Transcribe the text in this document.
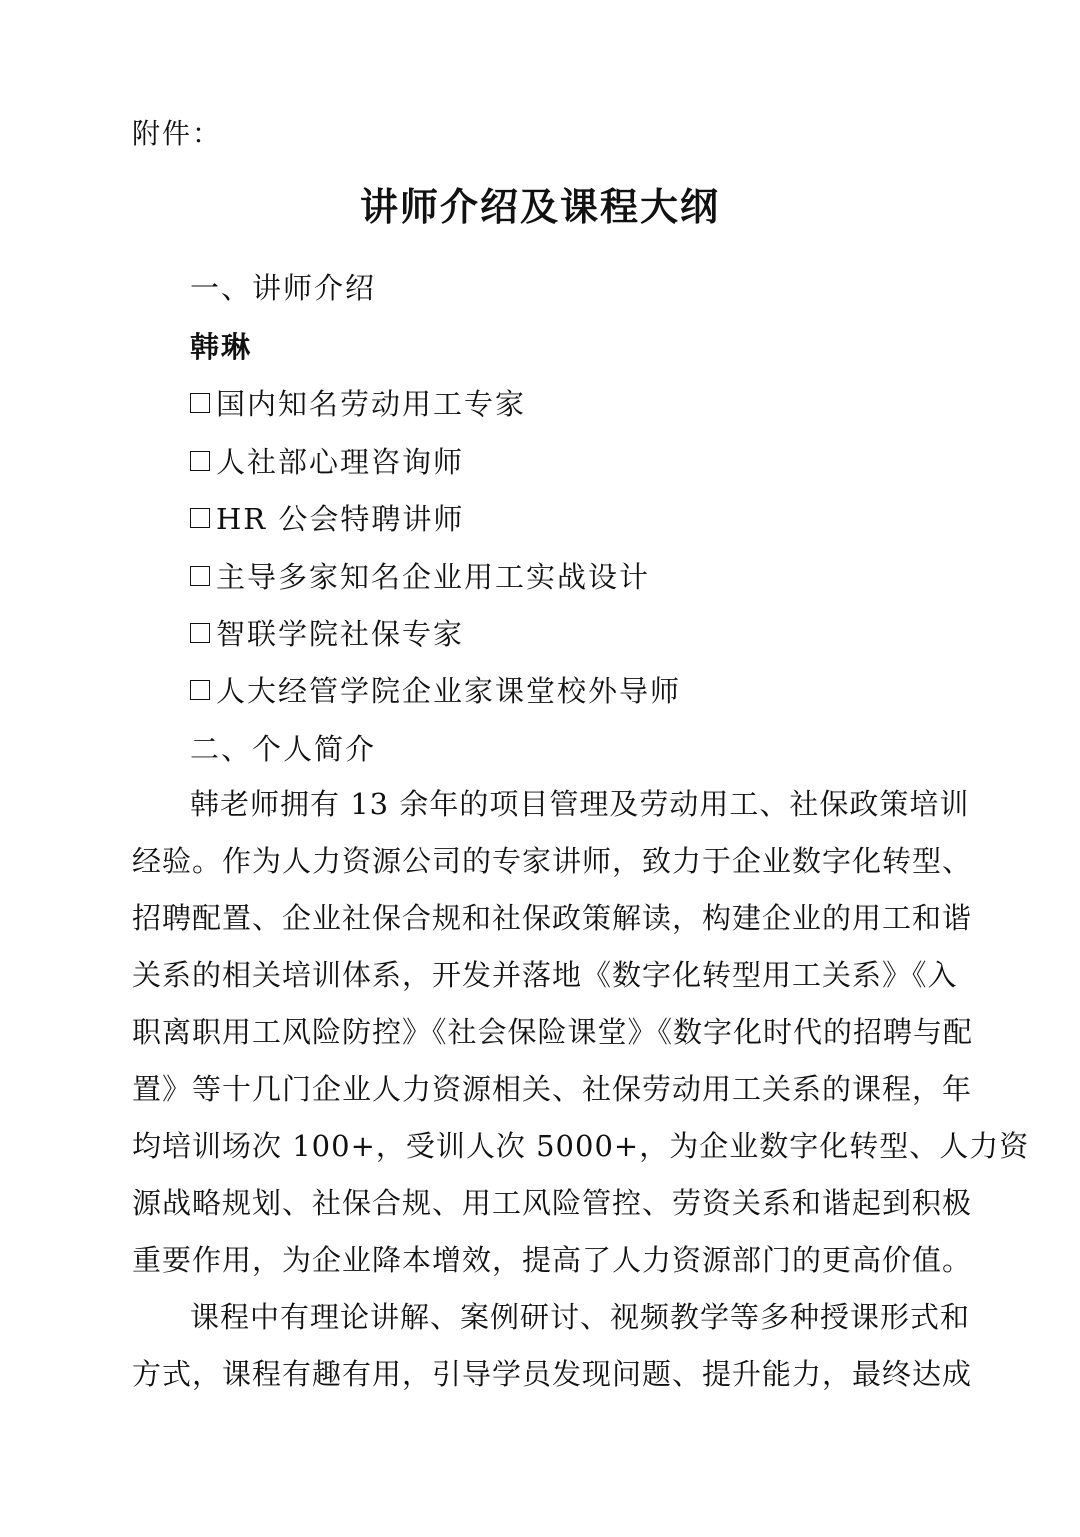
附件：
讲师介绍及课程大纲
一、讲师介绍
韩琳
国内知名劳动用工专家
人社部心理咨询师
HR 公会特聘讲师
主导多家知名企业用工实战设计
智联学院社保专家
人大经管学院企业家课堂校外导师
二、个人简介
韩老师拥有 13 余年的项目管理及劳动用工、社保政策培训
经验。作为人力资源公司的专家讲师，致力于企业数字化转型、
招聘配置、企业社保合规和社保政策解读，构建企业的用工和谐
关系的相关培训体系，开发并落地《数字化转型用工关系》《入
职离职用工风险防控》《社会保险课堂》《数字化时代的招聘与配
置》等十几门企业人力资源相关、社保劳动用工关系的课程，年
均培训场次 100+，受训人次 5000+，为企业数字化转型、人力资
源战略规划、社保合规、用工风险管控、劳资关系和谐起到积极
重要作用，为企业降本增效，提高了人力资源部门的更高价值。
课程中有理论讲解、案例研讨、视频教学等多种授课形式和
方式，课程有趣有用，引导学员发现问题、提升能力，最终达成
